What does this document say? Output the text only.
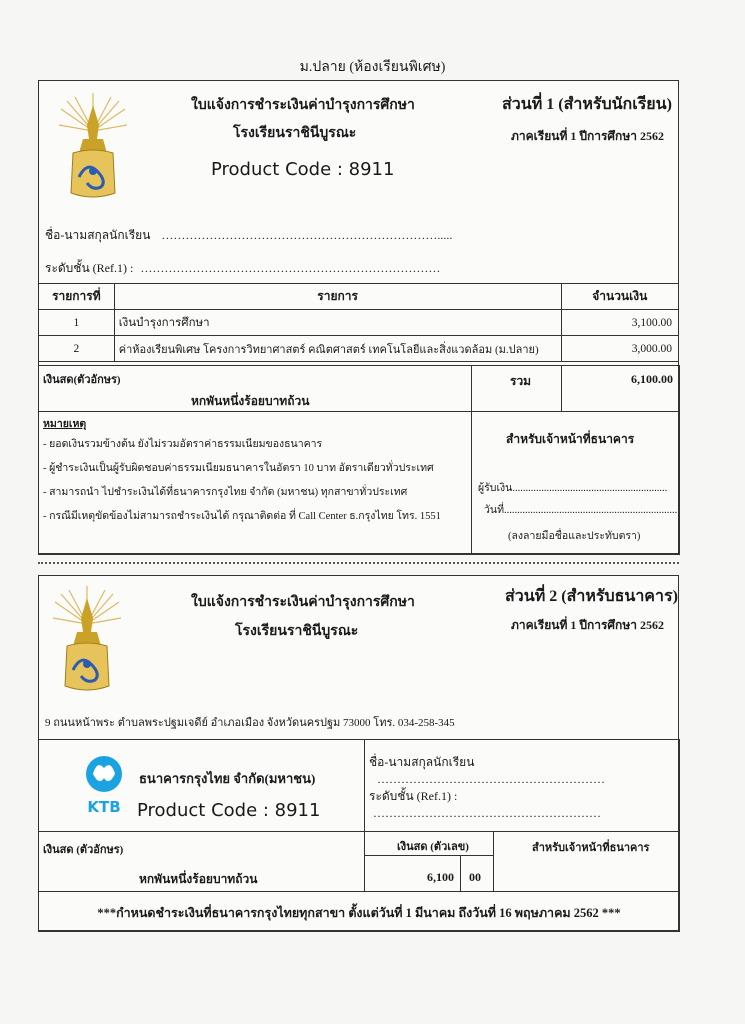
ม.ปลาย (ห้องเรียนพิเศษ)
ใบแจ้งการชำระเงินค่าบำรุงการศึกษา
โรงเรียนราชินีบูรณะ
Product Code : 8911
ส่วนที่ 1 (สำหรับนักเรียน)
ภาคเรียนที่ 1 ปีการศึกษา 2562
ชื่อ-นามสกุลนักเรียน …………………………………………………………….....
ระดับชั้น (Ref.1) : …………………………………………………………………
รายการที่	รายการ	จำนวนเงิน
1	เงินบำรุงการศึกษา	3,100.00
2	ค่าห้องเรียนพิเศษ โครงการวิทยาศาสตร์ คณิตศาสตร์ เทคโนโลยีและสิ่งแวดล้อม (ม.ปลาย)	3,000.00
เงินสด(ตัวอักษร)
หกพันหนึ่งร้อยบาทถ้วน
รวม	6,100.00
หมายเหตุ
- ยอดเงินรวมข้างต้น ยังไม่รวมอัตราค่าธรรมเนียมของธนาคาร
- ผู้ชำระเงินเป็นผู้รับผิดชอบค่าธรรมเนียมธนาคารในอัตรา 10 บาท อัตราเดียวทั่วประเทศ
- สามารถนำ ไปชำระเงินได้ที่ธนาคารกรุงไทย จำกัด (มหาชน) ทุกสาขาทั่วประเทศ
- กรณีมีเหตุขัดข้องไม่สามารถชำระเงินได้ กรุณาติดต่อ ที่ Call Center ธ.กรุงไทย โทร. 1551
สำหรับเจ้าหน้าที่ธนาคาร
ผู้รับเงิน...........................................................
วันที่..................................................................
(ลงลายมือชื่อและประทับตรา)
ใบแจ้งการชำระเงินค่าบำรุงการศึกษา
โรงเรียนราชินีบูรณะ
ส่วนที่ 2 (สำหรับธนาคาร)
ภาคเรียนที่ 1 ปีการศึกษา 2562
9 ถนนหน้าพระ ตำบลพระปฐมเจดีย์ อำเภอเมือง จังหวัดนครปฐม 73000 โทร. 034-258-345
KTB
ธนาคารกรุงไทย จำกัด(มหาชน)
Product Code : 8911
ชื่อ-นามสกุลนักเรียน …………………………………………………
ระดับชั้น (Ref.1) : …………………………………………………
เงินสด (ตัวอักษร)
หกพันหนึ่งร้อยบาทถ้วน
เงินสด (ตัวเลข)
6,100 00
สำหรับเจ้าหน้าที่ธนาคาร
***กำหนดชำระเงินที่ธนาคารกรุงไทยทุกสาขา ตั้งแต่วันที่ 1 มีนาคม ถึงวันที่ 16 พฤษภาคม 2562 ***
